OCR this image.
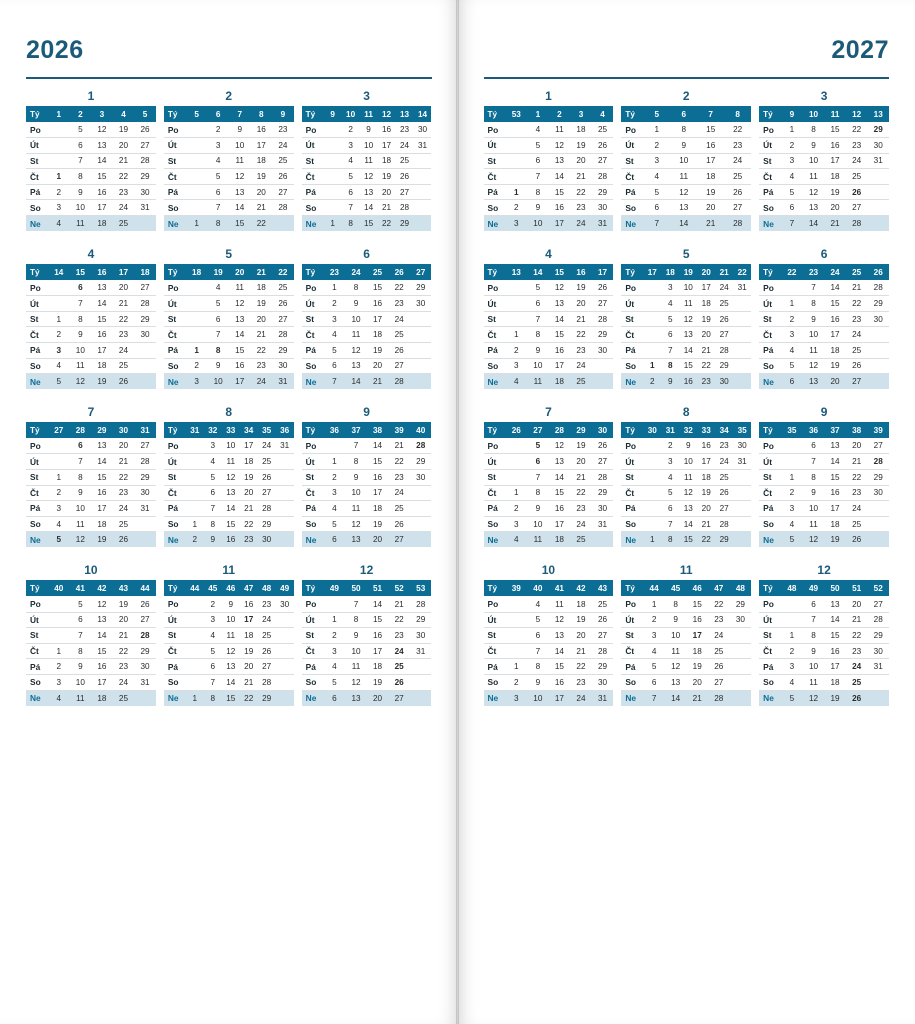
2026
1	2	3
Tý	1	2	3	4	5
Po		5	12	19	26
Út		6	13	20	27
St		7	14	21	28
Čt	1	8	15	22	29
Pá	2	9	16	23	30
So	3	10	17	24	31
Ne	4	11	18	25	
Tý	5	6	7	8	9
Po		2	9	16	23
Út		3	10	17	24
St		4	11	18	25
Čt		5	12	19	26
Pá		6	13	20	27
So		7	14	21	28
Ne	1	8	15	22	
Tý	9	10	11	12	13	14
Po		2	9	16	23	30
Út		3	10	17	24	31
St		4	11	18	25	
Čt		5	12	19	26	
Pá		6	13	20	27	
So		7	14	21	28	
Ne	1	8	15	22	29	
4	5	6
Tý	14	15	16	17	18
Po		6	13	20	27
Út		7	14	21	28
St	1	8	15	22	29
Čt	2	9	16	23	30
Pá	3	10	17	24	
So	4	11	18	25	
Ne	5	12	19	26	
Tý	18	19	20	21	22
Po		4	11	18	25
Út		5	12	19	26
St		6	13	20	27
Čt		7	14	21	28
Pá	1	8	15	22	29
So	2	9	16	23	30
Ne	3	10	17	24	31
Tý	23	24	25	26	27
Po	1	8	15	22	29
Út	2	9	16	23	30
St	3	10	17	24	
Čt	4	11	18	25	
Pá	5	12	19	26	
So	6	13	20	27	
Ne	7	14	21	28	
7	8	9
Tý	27	28	29	30	31
Po		6	13	20	27
Út		7	14	21	28
St	1	8	15	22	29
Čt	2	9	16	23	30
Pá	3	10	17	24	31
So	4	11	18	25	
Ne	5	12	19	26	
Tý	31	32	33	34	35	36
Po		3	10	17	24	31
Út		4	11	18	25	
St		5	12	19	26	
Čt		6	13	20	27	
Pá		7	14	21	28	
So	1	8	15	22	29	
Ne	2	9	16	23	30	
Tý	36	37	38	39	40
Po		7	14	21	28
Út	1	8	15	22	29
St	2	9	16	23	30
Čt	3	10	17	24	
Pá	4	11	18	25	
So	5	12	19	26	
Ne	6	13	20	27	
10	11	12
Tý	40	41	42	43	44
Po		5	12	19	26
Út		6	13	20	27
St		7	14	21	28
Čt	1	8	15	22	29
Pá	2	9	16	23	30
So	3	10	17	24	31
Ne	4	11	18	25	
Tý	44	45	46	47	48	49
Po		2	9	16	23	30
Út		3	10	17	24	
St		4	11	18	25	
Čt		5	12	19	26	
Pá		6	13	20	27	
So		7	14	21	28	
Ne	1	8	15	22	29	
Tý	49	50	51	52	53
Po		7	14	21	28
Út	1	8	15	22	29
St	2	9	16	23	30
Čt	3	10	17	24	31
Pá	4	11	18	25	
So	5	12	19	26	
Ne	6	13	20	27	
2027
1	2	3
Tý	53	1	2	3	4
Po		4	11	18	25
Út		5	12	19	26
St		6	13	20	27
Čt		7	14	21	28
Pá	1	8	15	22	29
So	2	9	16	23	30
Ne	3	10	17	24	31
Tý	5	6	7	8
Po	1	8	15	22
Út	2	9	16	23
St	3	10	17	24
Čt	4	11	18	25
Pá	5	12	19	26
So	6	13	20	27
Ne	7	14	21	28
Tý	9	10	11	12	13
Po	1	8	15	22	29
Út	2	9	16	23	30
St	3	10	17	24	31
Čt	4	11	18	25	
Pá	5	12	19	26	
So	6	13	20	27	
Ne	7	14	21	28	
4	5	6
Tý	13	14	15	16	17
Po		5	12	19	26
Út		6	13	20	27
St		7	14	21	28
Čt	1	8	15	22	29
Pá	2	9	16	23	30
So	3	10	17	24	
Ne	4	11	18	25	
Tý	17	18	19	20	21	22
Po		3	10	17	24	31
Út		4	11	18	25	
St		5	12	19	26	
Čt		6	13	20	27	
Pá		7	14	21	28	
So	1	8	15	22	29	
Ne	2	9	16	23	30	
Tý	22	23	24	25	26
Po		7	14	21	28
Út	1	8	15	22	29
St	2	9	16	23	30
Čt	3	10	17	24	
Pá	4	11	18	25	
So	5	12	19	26	
Ne	6	13	20	27	
7	8	9
Tý	26	27	28	29	30
Po		5	12	19	26
Út		6	13	20	27
St		7	14	21	28
Čt	1	8	15	22	29
Pá	2	9	16	23	30
So	3	10	17	24	31
Ne	4	11	18	25	
Tý	30	31	32	33	34	35
Po		2	9	16	23	30
Út		3	10	17	24	31
St		4	11	18	25	
Čt		5	12	19	26	
Pá		6	13	20	27	
So		7	14	21	28	
Ne	1	8	15	22	29	
Tý	35	36	37	38	39
Po		6	13	20	27
Út		7	14	21	28
St	1	8	15	22	29
Čt	2	9	16	23	30
Pá	3	10	17	24	
So	4	11	18	25	
Ne	5	12	19	26	
10	11	12
Tý	39	40	41	42	43
Po		4	11	18	25
Út		5	12	19	26
St		6	13	20	27
Čt		7	14	21	28
Pá	1	8	15	22	29
So	2	9	16	23	30
Ne	3	10	17	24	31
Tý	44	45	46	47	48
Po	1	8	15	22	29
Út	2	9	16	23	30
St	3	10	17	24	
Čt	4	11	18	25	
Pá	5	12	19	26	
So	6	13	20	27	
Ne	7	14	21	28	
Tý	48	49	50	51	52
Po		6	13	20	27
Út		7	14	21	28
St	1	8	15	22	29
Čt	2	9	16	23	30
Pá	3	10	17	24	31
So	4	11	18	25	
Ne	5	12	19	26	
